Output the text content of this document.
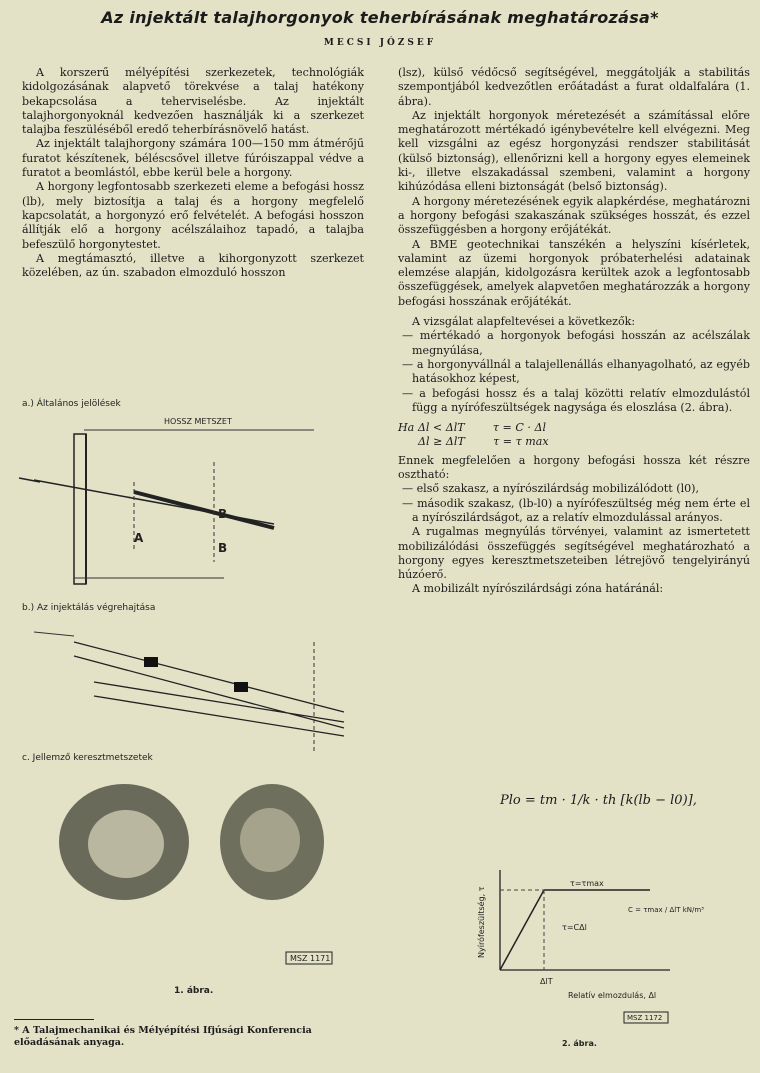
Az injektált talajhorgonyok teherbírásának meghatározása*
MECSI JÓZSEF

A korszerű mélyépítési szerkezetek, technológiák kidolgozásának alapvető törekvése a talaj hatékony bekapcsolása a teherviselésbe. Az injektált talajhorgonyoknál kedvezően használják ki a szerkezet talajba feszüléséből eredő teherbírásnövelő hatást.

Az injektált talajhorgony számára 100—150 mm átmérőjű furatot készítenek, béléscsővel illetve fúróiszappal védve a furatot a beomlástól, ebbe kerül bele a horgony.

A horgony legfontosabb szerkezeti eleme a befogási hossz (lb), mely biztosítja a talaj és a horgony megfelelő kapcsolatát, a horgonyzó erő felvételét. A befogási hosszon állítják elő a horgony acélszálaihoz tapadó, a talajba befeszülő horgonytestet.

A megtámasztó, illetve a kihorgonyzott szerkezet közelében, az ún. szabadon elmozduló hosszon

(lsz), külső védőcső segítségével, meggátolják a stabilitás szempontjából kedvezőtlen erőátadást a furat oldalfalára (1. ábra).

Az injektált horgonyok méretezését a számítással előre meghatározott mértékadó igénybevételre kell elvégezni. Meg kell vizsgálni az egész horgonyzási rendszer stabilitását (külső biztonság), ellenőrizni kell a horgony egyes elemeinek ki-, illetve elszakadással szembeni, valamint a horgony kihúzódása elleni biztonságát (belső biztonság).

A horgony méretezésének egyik alapkérdése, meghatározni a horgony befogási szakaszának szükséges hosszát, és ezzel összefüggésben a horgony erőjátékát.

A BME geotechnikai tanszékén a helyszíni kísérletek, valamint az üzemi horgonyok próbaterhelési adatainak elemzése alapján, kidolgozásra kerültek azok a legfontosabb összefüggések, amelyek alapvetően meghatározzák a horgony befogási hosszának erőjátékát.

A vizsgálat alapfeltevései a következők:

— mértékadó a horgonyok befogási hosszán az acélszálak megnyúlása,

— a horgonyvállnál a talajellenállás elhanyagolható, az egyéb hatásokhoz képest,

— a befogási hossz és a talaj közötti relatív elmozdulástól függ a nyírófeszültségek nagysága és eloszlása (2. ábra).

Ha Δl < ΔlT        τ = C · Δl

Δl ≥ ΔlT        τ = τ max

Ennek megfelelően a horgony befogási hossza két részre osztható:

— első szakasz, a nyírószilárdság mobilizálódott (l0),

— második szakasz, (lb-l0) a nyírófeszültség még nem érte el a nyírószilárdságot, az a relatív elmozdulással arányos.

A rugalmas megnyúlás törvényei, valamint az ismertetett mobilizálódási összefüggés segítségével meghatározható a horgony egyes keresztmetszeteiben létrejövő tengelyirányú húzóerő.

A mobilizált nyírószilárdsági zóna határánál:

Plo = tm · 1/k · th [k(lb − l0)],
a.) Általános jelölések
HOSSZ METSZET
A
B
B
b.) Az injektálás végrehajtása
c. Jellemző keresztmetszetek
MSZ 1171
1. ábra.
Nyírófeszültség, τ
τ=τmax
τ=CΔl
C = τmax / ΔlT kN/m³
ΔlT
Relatív elmozdulás, Δl
MSZ 1172
2. ábra.
* A Talajmechanikai és Mélyépítési Ifjúsági Konferencia előadásának anyaga.
